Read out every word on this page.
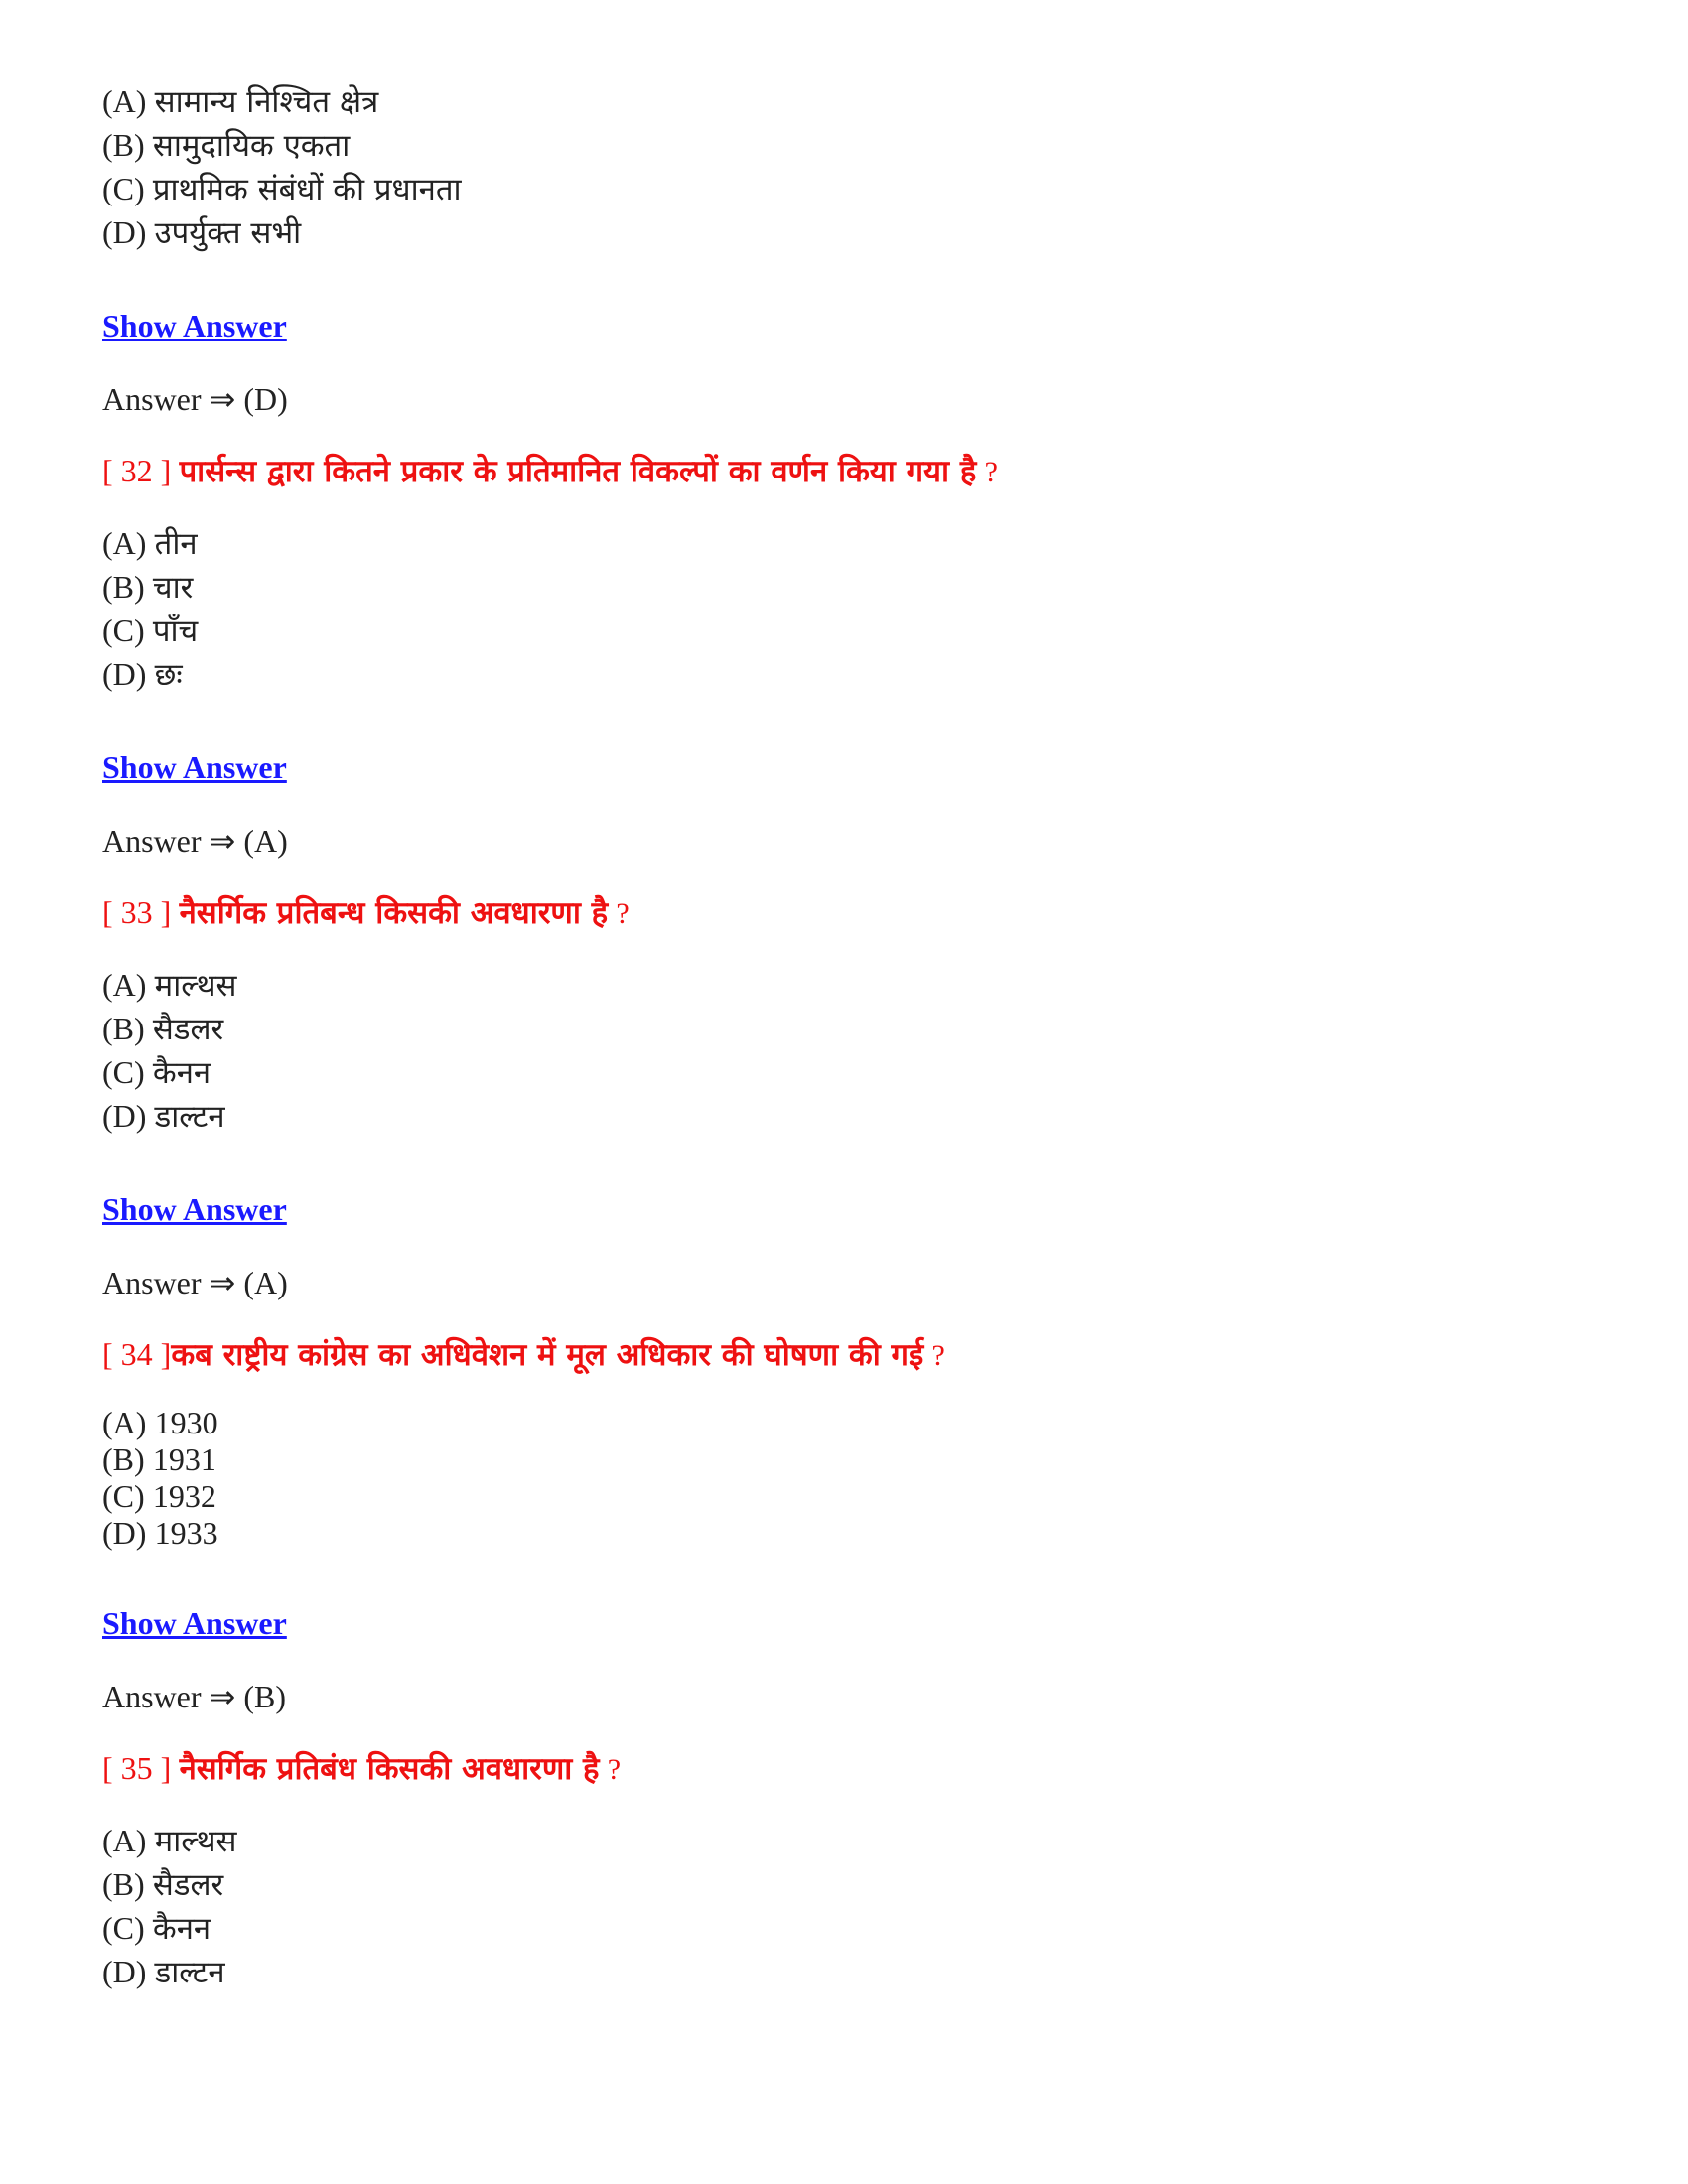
(A) सामान्य निश्चित क्षेत्र
(B) सामुदायिक एकता
(C) प्राथमिक संबंधों की प्रधानता
(D) उपर्युक्त सभी
Show Answer
Answer ⇒ (D)
[ 32 ] पार्सन्स द्वारा कितने प्रकार के प्रतिमानित विकल्पों का वर्णन किया गया है ?
(A) तीन
(B) चार
(C) पाँच
(D) छः
Show Answer
Answer ⇒ (A)
[ 33 ] नैसर्गिक प्रतिबन्ध किसकी अवधारणा है ?
(A) माल्थस
(B) सैडलर
(C) कैनन
(D) डाल्टन
Show Answer
Answer ⇒ (A)
[ 34 ]कब राष्ट्रीय कांग्रेस का अधिवेशन में मूल अधिकार की घोषणा की गई ?
(A) 1930
(B) 1931
(C) 1932
(D) 1933
Show Answer
Answer ⇒ (B)
[ 35 ] नैसर्गिक प्रतिबंध किसकी अवधारणा है ?
(A) माल्थस
(B) सैडलर
(C) कैनन
(D) डाल्टन
